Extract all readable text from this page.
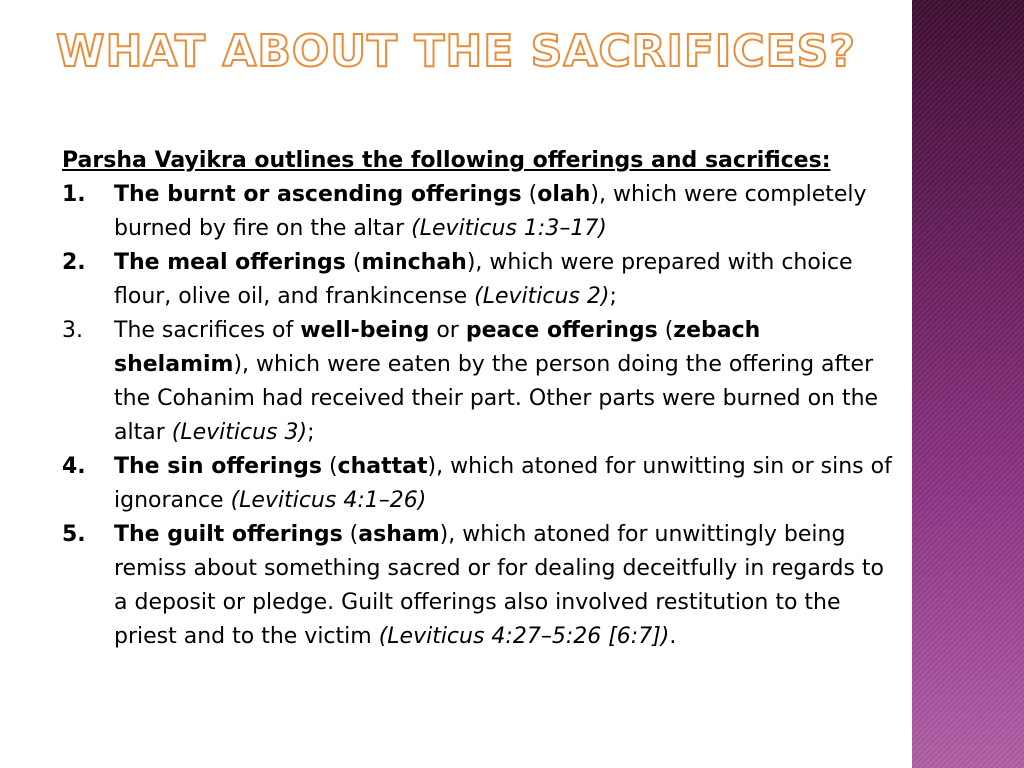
WHAT ABOUT THE SACRIFICES?
Parsha Vayikra outlines the following offerings and sacrifices:
1.	The burnt or ascending offerings (olah), which were completely burned by fire on the altar (Leviticus 1:3–17)
2.	The meal offerings (minchah), which were prepared with choice flour, olive oil, and frankincense (Leviticus 2);
3.	The sacrifices of well-being or peace offerings (zebach shelamim), which were eaten by the person doing the offering after the Cohanim had received their part. Other parts were burned on the altar (Leviticus 3);
4.	The sin offerings (chattat), which atoned for unwitting sin or sins of ignorance (Leviticus 4:1–26)
5.	The guilt offerings (asham), which atoned for unwittingly being remiss about something sacred or for dealing deceitfully in regards to a deposit or pledge. Guilt offerings also involved restitution to the priest and to the victim (Leviticus 4:27–5:26 [6:7]).
